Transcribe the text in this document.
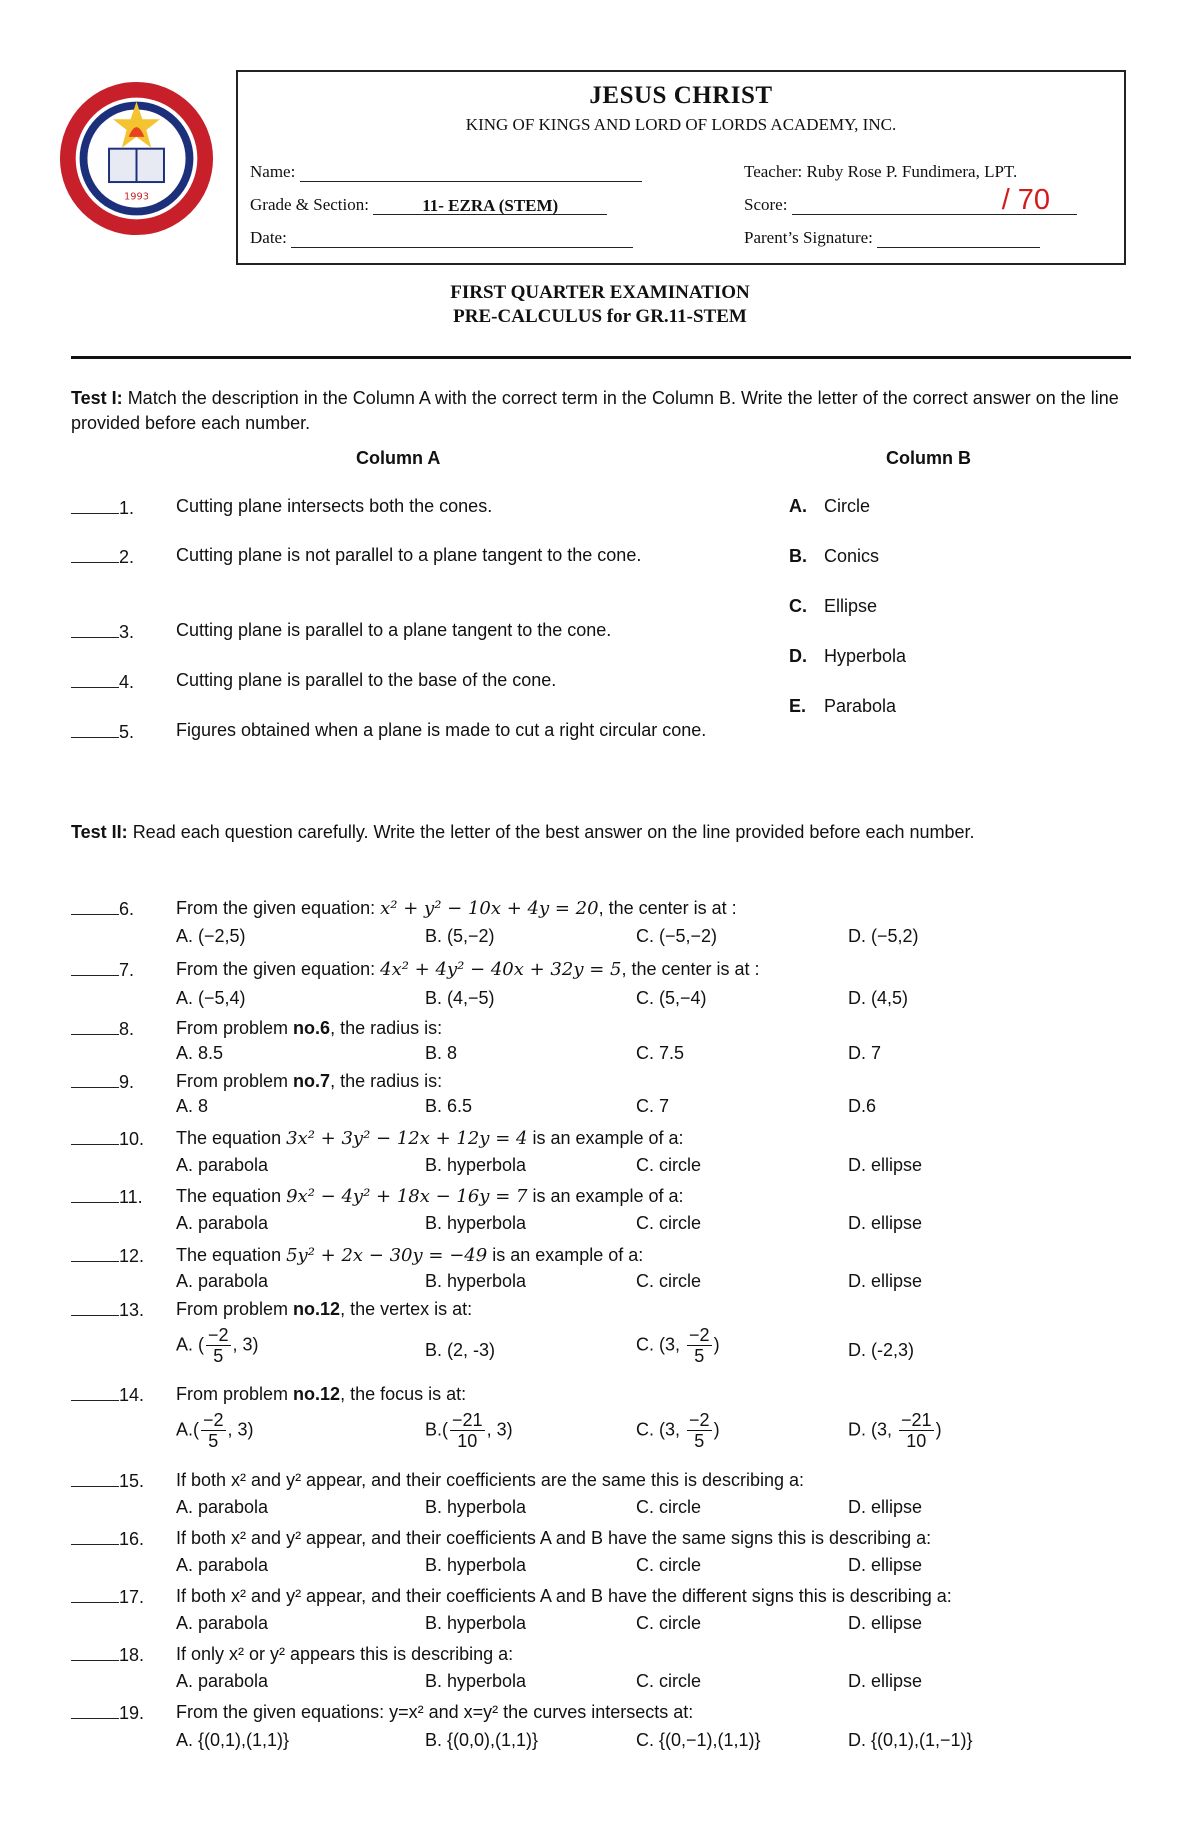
1993
JESUS CHRIST
KING OF KINGS AND LORD OF LORDS ACADEMY, INC.
Name:
Grade & Section:	11- EZRA (STEM)
Date:
Teacher: Ruby Rose P. Fundimera, LPT.
Score:	/ 70
Parent’s Signature:
FIRST QUARTER EXAMINATION
PRE-CALCULUS for GR.11-STEM
Test I: Match the description in the Column A with the correct term in the Column B. Write the letter of the correct answer on the line provided before each number.
Column A	Column B
1.	Cutting plane intersects both the cones.
2.	Cutting plane is not parallel to a plane tangent to the cone.
3.	Cutting plane is parallel to a plane tangent to the cone.
4.	Cutting plane is parallel to the base of the cone.
5.	Figures obtained when a plane is made to cut a right circular cone.
A. Circle
B. Conics
C. Ellipse
D. Hyperbola
E. Parabola
Test II: Read each question carefully. Write the letter of the best answer on the line provided before each number.
6.	From the given equation: x² + y² − 10x + 4y = 20, the center is at :
A. (−2,5)	B. (5,−2)	C. (−5,−2)	D. (−5,2)
7.	From the given equation: 4x² + 4y² − 40x + 32y = 5, the center is at :
A. (−5,4)	B. (4,−5)	C. (5,−4)	D. (4,5)
8.	From problem no.6, the radius is:
A. 8.5	B. 8	C. 7.5	D. 7
9.	From problem no.7, the radius is:
A. 8	B. 6.5	C. 7	D.6
10.	The equation 3x² + 3y² − 12x + 12y = 4 is an example of a:
A. parabola	B. hyperbola	C. circle	D. ellipse
11.	The equation 9x² − 4y² + 18x − 16y = 7 is an example of a:
A. parabola	B. hyperbola	C. circle	D. ellipse
12.	The equation 5y² + 2x − 30y = −49 is an example of a:
A. parabola	B. hyperbola	C. circle	D. ellipse
13.	From problem no.12, the vertex is at:
A. ( $\frac{-2}{5}$ , 3)	B. (2, -3)	C. (3, $\frac{-2}{5}$ )	D. (-2,3)
14.	From problem no.12, the focus is at:
$A.( \frac{-2}{5}$ , 3)	$B.( \frac{-21}{10}$ , 3)	C. (3, $\frac{-2}{5}$ )	D. (3, $\frac{-21}{10}$ )
15.	If both x² and y² appear, and their coefficients are the same this is describing a:
A. parabola	B. hyperbola	C. circle	D. ellipse
16.	If both x² and y² appear, and their coefficients A and B have the same signs this is describing a:
A. parabola	B. hyperbola	C. circle	D. ellipse
17.	If both x² and y² appear, and their coefficients A and B have the different signs this is describing a:
A. parabola	B. hyperbola	C. circle	D. ellipse
18.	If only x² or y² appears this is describing a:
A. parabola	B. hyperbola	C. circle	D. ellipse
19.	From the given equations: y=x² and x=y² the curves intersects at:
A. {(0,1),(1,1)}	B. {(0,0),(1,1)}	C. {(0,−1),(1,1)}	D. {(0,1),(1,−1)}
